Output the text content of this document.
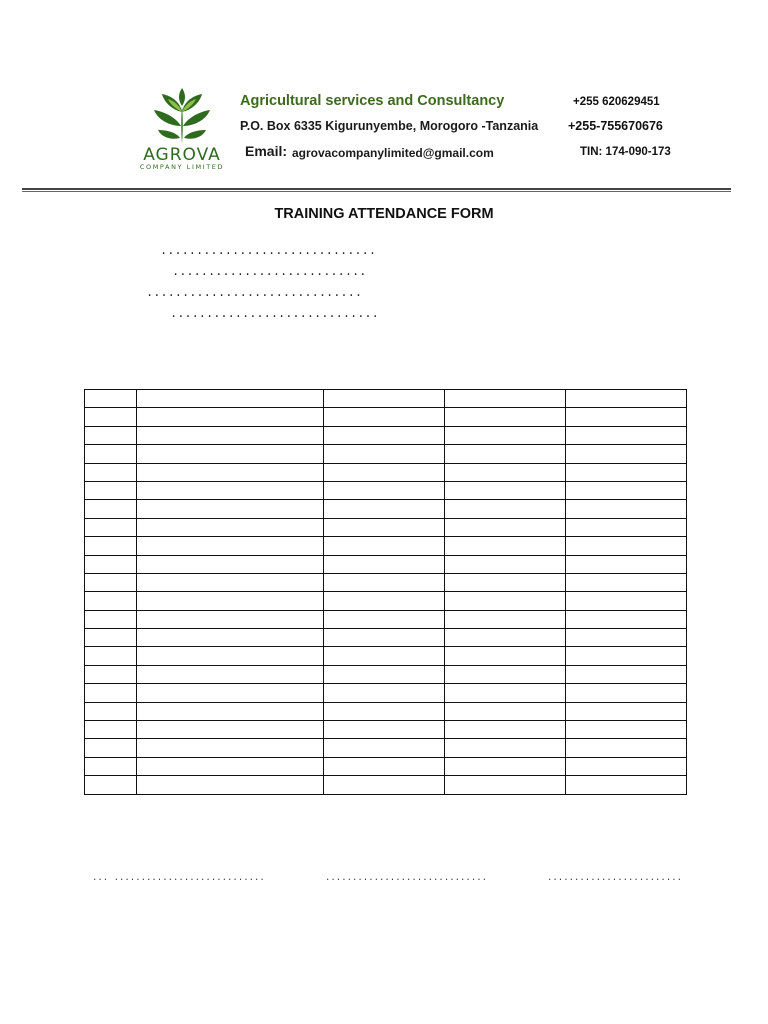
AGROVA
COMPANY LIMITED
Agricultural services and Consultancy
P.O. Box 6335 Kigurunyembe, Morogoro -Tanzania
Email: agrovacompanylimited@gmail.com
+255 620629451
+255-755670676
TIN: 174-090-173
TRAINING ATTENDANCE FORM
..............................
...........................
..............................
.............................

... ............................	..............................	.........................
